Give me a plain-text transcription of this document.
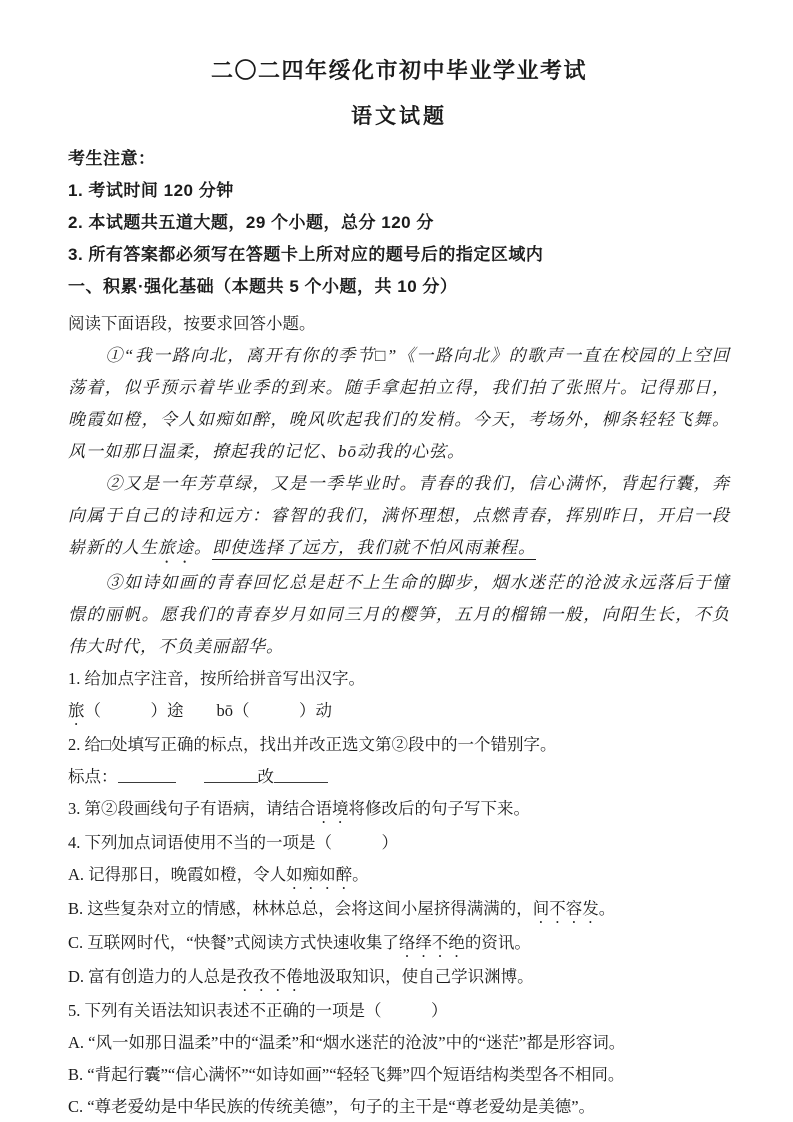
二〇二四年绥化市初中毕业学业考试
语文试题

考生注意：

1. 考试时间 120 分钟

2. 本试题共五道大题，29 个小题，总分 120 分

3. 所有答案都必须写在答题卡上所对应的题号后的指定区域内

一、积累·强化基础（本题共 5 个小题，共 10 分）

阅读下面语段，按要求回答小题。

①“我一路向北，离开有你的季节□”《一路向北》的歌声一直在校园的上空回荡着，似乎预示着毕业季的到来。随手拿起拍立得，我们拍了张照片。记得那日，晚霞如橙，令人如痴如醉，晚风吹起我们的发梢。今天，考场外，柳条轻轻飞舞。风一如那日温柔，撩起我的记忆、bō动我的心弦。

②又是一年芳草绿，又是一季毕业时。青春的我们，信心满怀，背起行囊，奔向属于自己的诗和远方：睿智的我们，满怀理想，点燃青春，挥别昨日，开启一段崭新的人生旅途。即使选择了远方，我们就不怕风雨兼程。

③如诗如画的青春回忆总是赶不上生命的脚步，烟水迷茫的沧波永远落后于憧憬的丽帆。愿我们的青春岁月如同三月的樱笋，五月的榴锦一般，向阳生长，不负伟大时代，不负美丽韶华。

1. 给加点字注音，按所给拼音写出汉字。

旅（　　　）途　　bō（　　　）动

2. 给□处填写正确的标点，找出并改正选文第②段中的一个错别字。

标点：	改

3. 第②段画线句子有语病，请结合语境将修改后的句子写下来。

4. 下列加点词语使用不当的一项是（　　　）

A. 记得那日，晚霞如橙，令人如痴如醉。

B. 这些复杂对立的情感，林林总总，会将这间小屋挤得满满的，间不容发。

C. 互联网时代，“快餐”式阅读方式快速收集了络绎不绝的资讯。

D. 富有创造力的人总是孜孜不倦地汲取知识，使自己学识渊博。

5. 下列有关语法知识表述不正确的一项是（　　　）

A. “风一如那日温柔”中的“温柔”和“烟水迷茫的沧波”中的“迷茫”都是形容词。

B. “背起行囊”“信心满怀”“如诗如画”“轻轻飞舞”四个短语结构类型各不相同。

C. “尊老爱幼是中华民族的传统美德”，句子的主干是“尊老爱幼是美德”。
